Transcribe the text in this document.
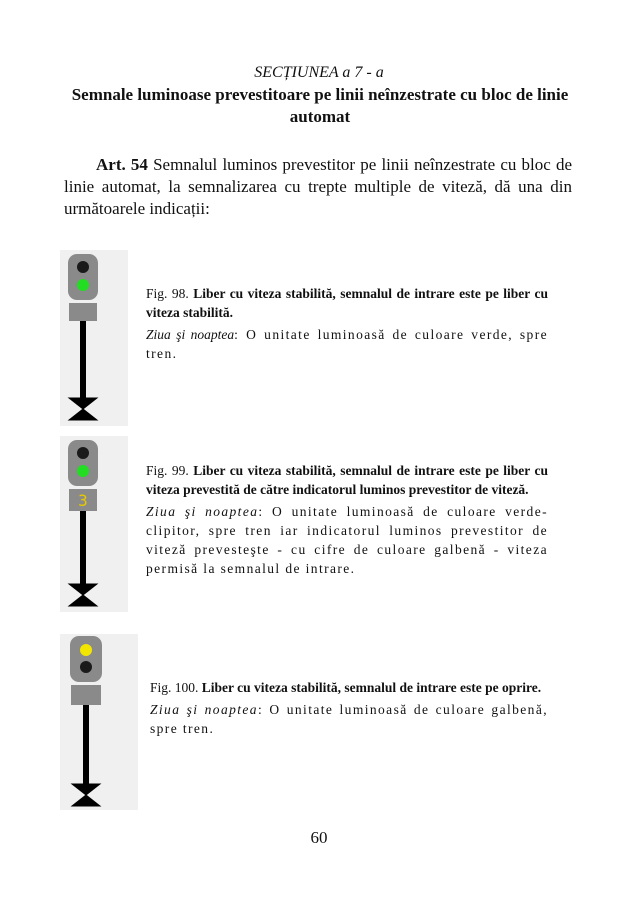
SECȚIUNEA a 7 - a
Semnale luminoase prevestitoare pe linii neînzestrate cu bloc de linie automat
Art. 54 Semnalul luminos prevestitor pe linii neînzestrate cu bloc de linie automat, la semnalizarea cu trepte multiple de viteză, dă una din următoarele indicații:
Fig. 98. Liber cu viteza stabilită, semnalul de intrare este pe liber cu viteza stabilită.
Ziua şi noaptea: O unitate luminoasă de culoare verde, spre tren.
3
Fig. 99. Liber cu viteza stabilită, semnalul de intrare este pe liber cu viteza prevestită de către indicatorul luminos prevestitor de viteză.
Ziua şi noaptea: O unitate luminoasă de culoare verde-clipitor, spre tren iar indicatorul luminos prevestitor de viteză prevesteşte - cu cifre de culoare galbenă - viteza permisă la semnalul de intrare.
Fig. 100. Liber cu viteza stabilită, semnalul de intrare este pe oprire.
Ziua şi noaptea: O unitate luminoasă de culoare galbenă, spre tren.
60
